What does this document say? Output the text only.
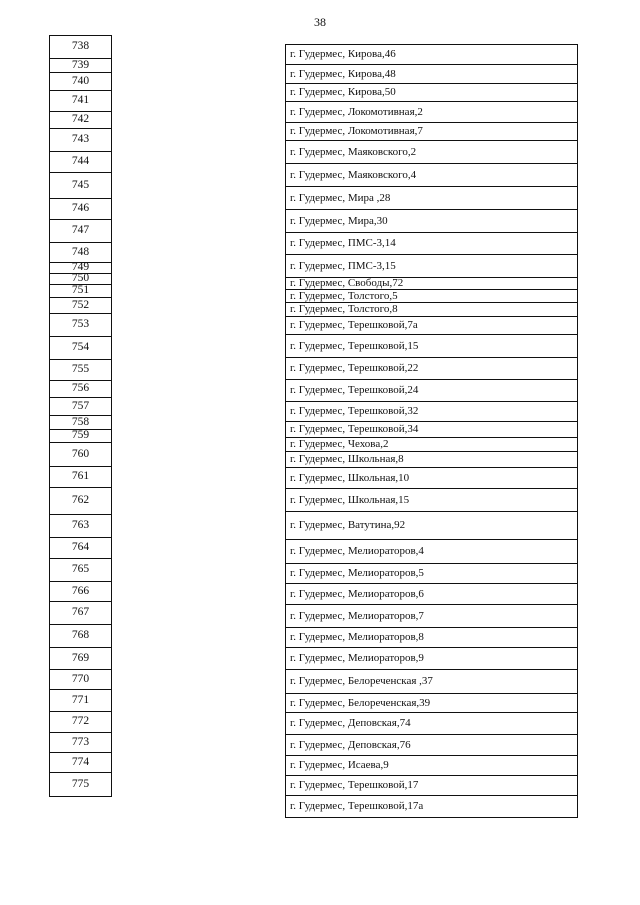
38
738
739
740
741
742
743
744
745
746
747
748
749
750
751
752
753
754
755
756
757
758
759
760
761
762
763
764
765
766
767
768
769
770
771
772
773
774
775
г. Гудермес, Кирова,46
г. Гудермес, Кирова,48
г. Гудермес, Кирова,50
г. Гудермес, Локомотивная,2
г. Гудермес, Локомотивная,7
г. Гудермес, Маяковского,2
г. Гудермес, Маяковского,4
г. Гудермес, Мира ,28
г. Гудермес, Мира,30
г. Гудермес, ПМС-3,14
г. Гудермес, ПМС-3,15
г. Гудермес, Свободы,72
г. Гудермес, Толстого,5
г. Гудермес, Толстого,8
г. Гудермес, Терешковой,7а
г. Гудермес, Терешковой,15
г. Гудермес, Терешковой,22
г. Гудермес, Терешковой,24
г. Гудермес, Терешковой,32
г. Гудермес, Терешковой,34
г. Гудермес, Чехова,2
г. Гудермес, Школьная,8
г. Гудермес, Школьная,10
г. Гудермес, Школьная,15
г. Гудермес, Ватутина,92
г. Гудермес, Мелиораторов,4
г. Гудермес, Мелиораторов,5
г. Гудермес, Мелиораторов,6
г. Гудермес, Мелиораторов,7
г. Гудермес, Мелиораторов,8
г. Гудермес, Мелиораторов,9
г. Гудермес, Белореченская ,37
г. Гудермес, Белореченская,39
г. Гудермес, Деповская,74
г. Гудермес, Деповская,76
г. Гудермес, Исаева,9
г. Гудермес, Терешковой,17
г. Гудермес, Терешковой,17а
